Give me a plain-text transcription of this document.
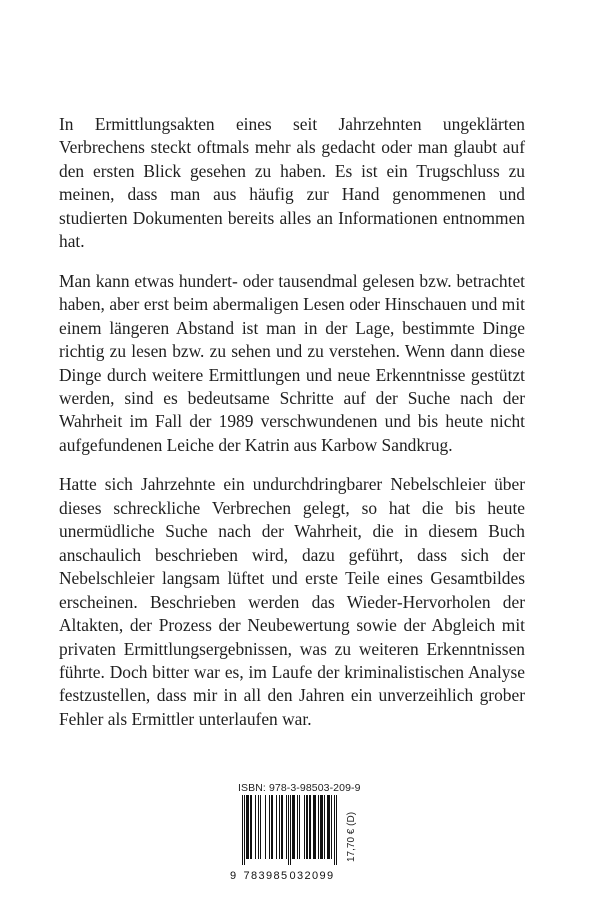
In Ermittlungsakten eines seit Jahrzehnten ungeklärten Verbrechens steckt oftmals mehr als gedacht oder man glaubt auf den ersten Blick gesehen zu haben. Es ist ein Trugschluss zu meinen, dass man aus häufig zur Hand genommenen und studierten Dokumenten bereits alles an Informationen entnommen hat.

Man kann etwas hundert- oder tausendmal gelesen bzw. betrachtet haben, aber erst beim abermaligen Lesen oder Hinschauen und mit einem längeren Abstand ist man in der Lage, bestimmte Dinge richtig zu lesen bzw. zu sehen und zu verstehen. Wenn dann diese Dinge durch weitere Ermittlungen und neue Erkenntnisse gestützt werden, sind es bedeutsame Schritte auf der Suche nach der Wahrheit im Fall der 1989 verschwundenen und bis heute nicht aufgefundenen Leiche der Katrin aus Karbow Sandkrug.

Hatte sich Jahrzehnte ein undurchdringbarer Nebelschleier über dieses schreckliche Verbrechen gelegt, so hat die bis heute unermüdliche Suche nach der Wahrheit, die in diesem Buch anschaulich beschrieben wird, dazu geführt, dass sich der Nebelschleier langsam lüftet und erste Teile eines Gesamtbildes erscheinen. Beschrieben werden das Wieder-Hervorholen der Altakten, der Prozess der Neubewertung sowie der Abgleich mit privaten Ermittlungsergebnissen, was zu weiteren Erkenntnissen führte. Doch bitter war es, im Laufe der kriminalistischen Analyse festzustellen, dass mir in all den Jahren ein unverzeihlich grober Fehler als Ermittler unterlaufen war.

ISBN: 978-3-98503-209-9
9 783985 032099
17,70 € (D)
